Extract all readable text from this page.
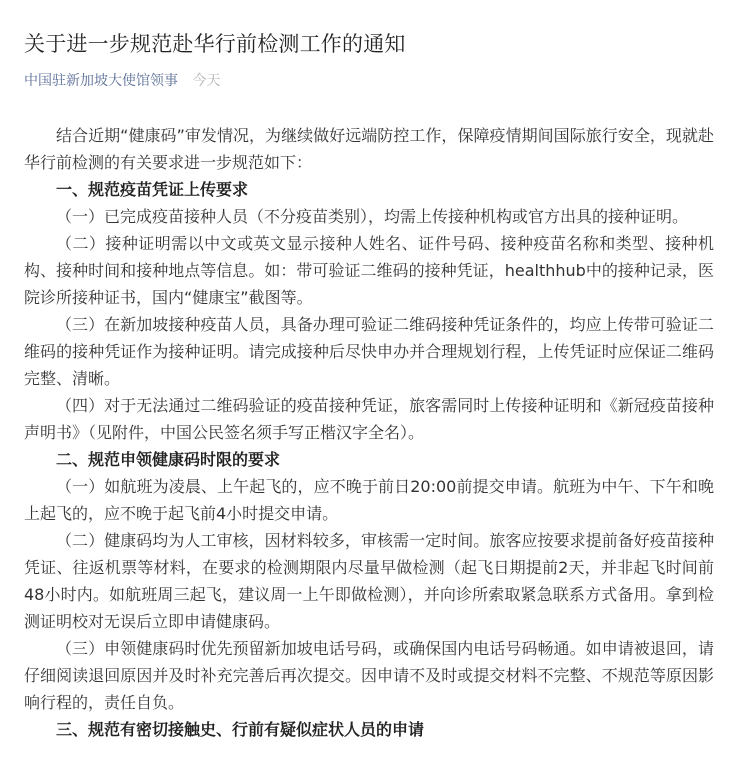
关于进一步规范赴华行前检测工作的通知
中国驻新加坡大使馆领事 今天

结合近期“健康码”审发情况，为继续做好远端防控工作，保障疫情期间国际旅行安全，现就赴华行前检测的有关要求进一步规范如下：

一、规范疫苗凭证上传要求

（一）已完成疫苗接种人员（不分疫苗类别），均需上传接种机构或官方出具的接种证明。

（二）接种证明需以中文或英文显示接种人姓名、证件号码、接种疫苗名称和类型、接种机构、接种时间和接种地点等信息。如：带可验证二维码的接种凭证，healthhub中的接种记录，医院诊所接种证书，国内“健康宝”截图等。

（三）在新加坡接种疫苗人员，具备办理可验证二维码接种凭证条件的，均应上传带可验证二维码的接种凭证作为接种证明。请完成接种后尽快申办并合理规划行程，上传凭证时应保证二维码完整、清晰。

（四）对于无法通过二维码验证的疫苗接种凭证，旅客需同时上传接种证明和《新冠疫苗接种声明书》（见附件，中国公民签名须手写正楷汉字全名）。

二、规范申领健康码时限的要求

（一）如航班为凌晨、上午起飞的，应不晚于前日20:00前提交申请。航班为中午、下午和晚上起飞的，应不晚于起飞前4小时提交申请。

（二）健康码均为人工审核，因材料较多，审核需一定时间。旅客应按要求提前备好疫苗接种凭证、往返机票等材料，在要求的检测期限内尽量早做检测（起飞日期提前2天，并非起飞时间前48小时内。如航班周三起飞，建议周一上午即做检测），并向诊所索取紧急联系方式备用。拿到检测证明校对无误后立即申请健康码。

（三）申领健康码时优先预留新加坡电话号码，或确保国内电话号码畅通。如申请被退回，请仔细阅读退回原因并及时补充完善后再次提交。因申请不及时或提交材料不完整、不规范等原因影响行程的，责任自负。

三、规范有密切接触史、行前有疑似症状人员的申请
